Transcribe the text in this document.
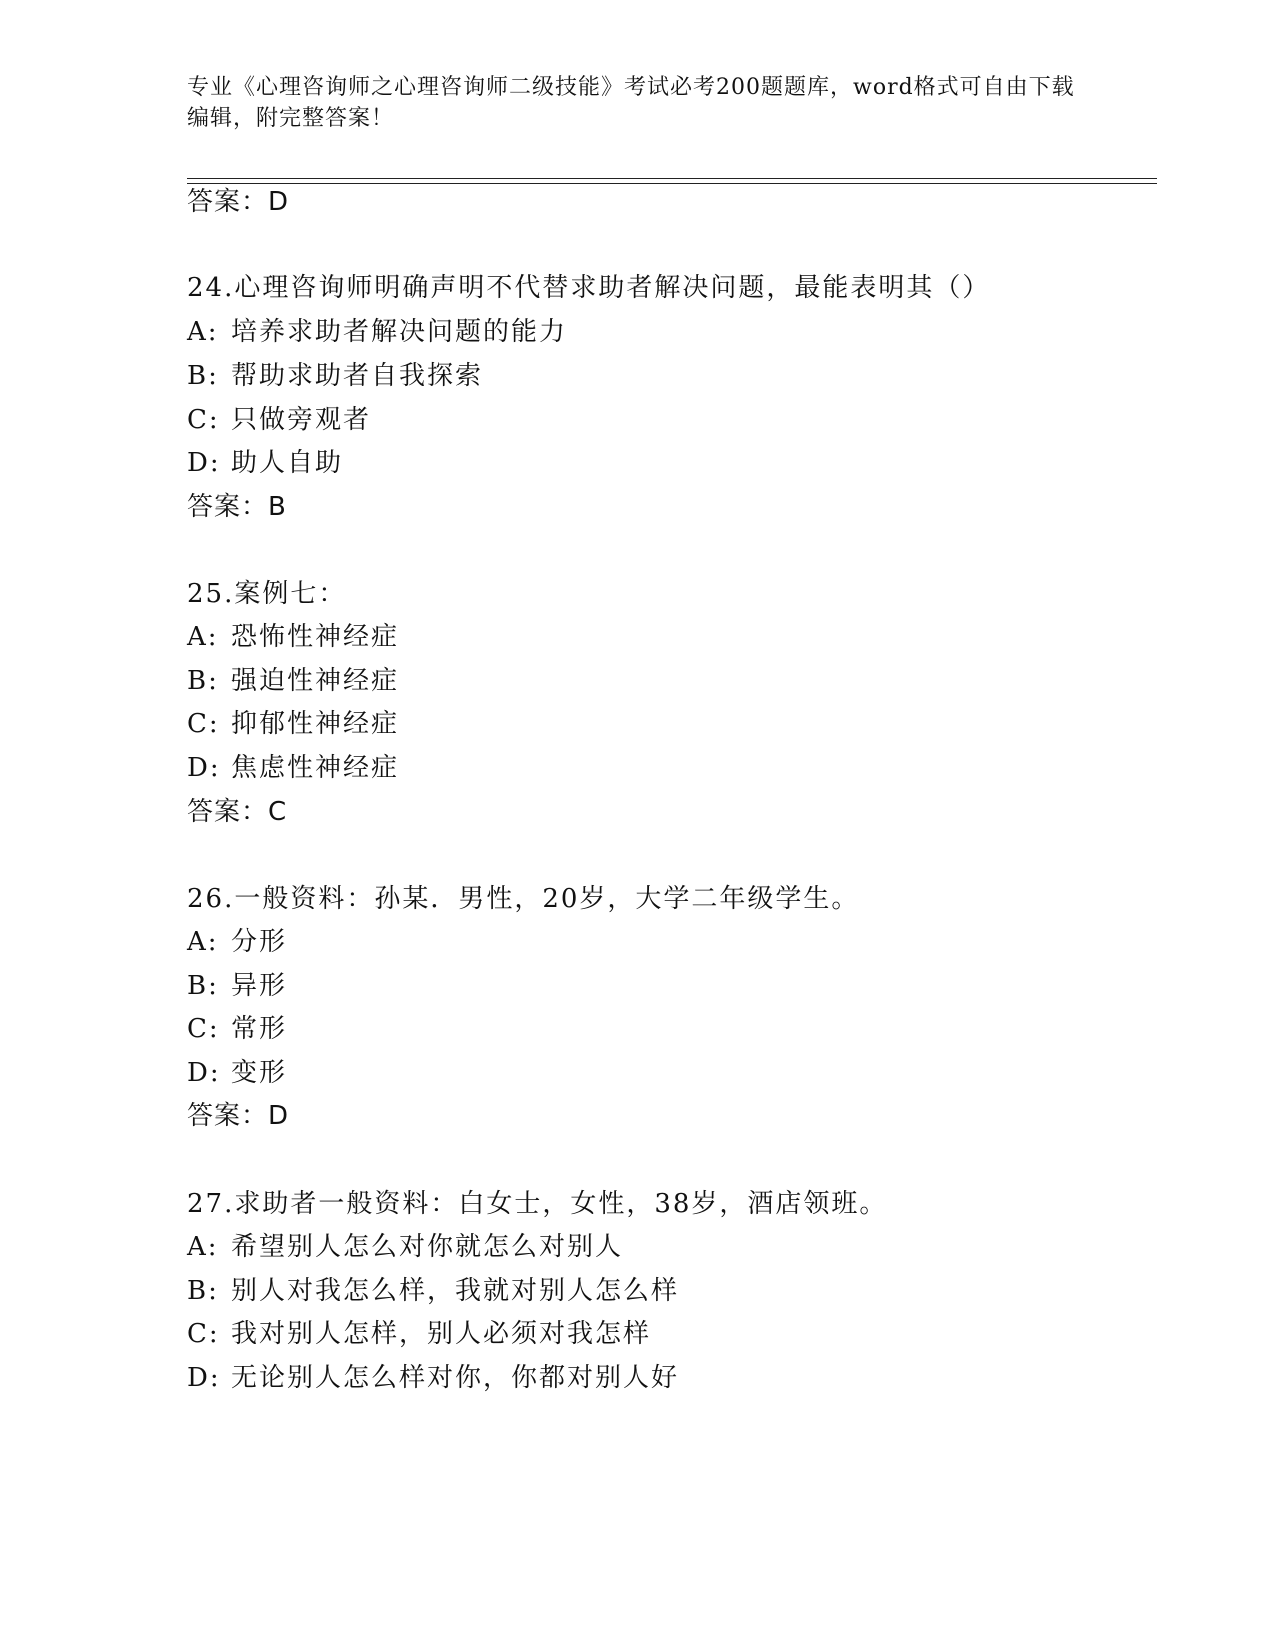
专业《心理咨询师之心理咨询师二级技能》考试必考200题题库，word格式可自由下载编辑，附完整答案！
答案：D
24.心理咨询师明确声明不代替求助者解决问题，最能表明其（）
A: 培养求助者解决问题的能力
B: 帮助求助者自我探索
C: 只做旁观者
D: 助人自助
答案：B
25.案例七：
A: 恐怖性神经症
B: 强迫性神经症
C: 抑郁性神经症
D: 焦虑性神经症
答案：C
26.一般资料：孙某．男性，20岁，大学二年级学生。
A: 分形
B: 异形
C: 常形
D: 变形
答案：D
27.求助者一般资料：白女士，女性，38岁，酒店领班。
A: 希望别人怎么对你就怎么对别人
B: 别人对我怎么样，我就对别人怎么样
C: 我对别人怎样，别人必须对我怎样
D: 无论别人怎么样对你，你都对别人好
